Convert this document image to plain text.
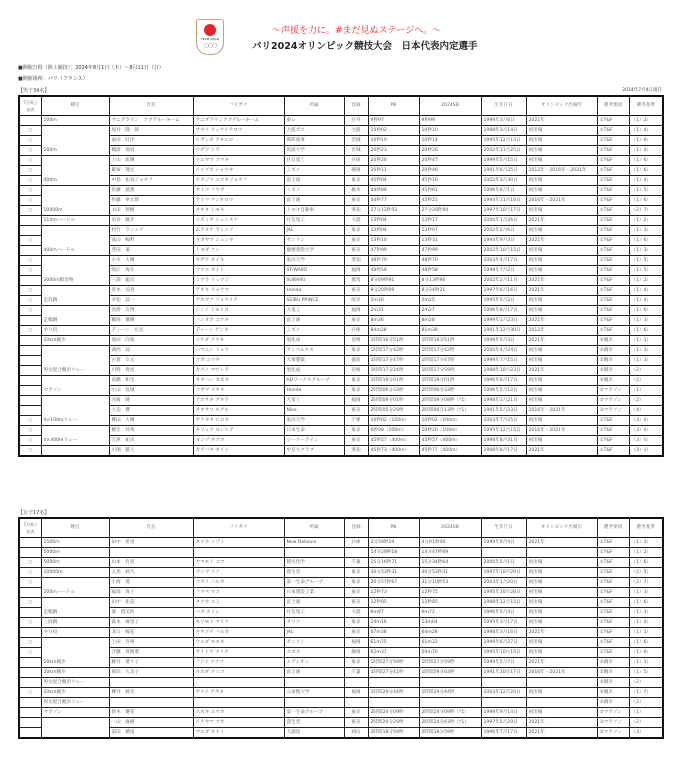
TEAM JAPAN
○○○
〜声援を力に。#まだ見ぬステージへ。〜
パリ2024オリンピック競技大会　日本代表内定選手
■開催日程（陸上競技）：2024年8月1日（木）〜8月11日（日）
■開催場所：パリ（フランス）
【男子34名】	2024年7月4日現在
7月4日発表	種目	氏名	フリガナ	所属	登録	PB	2024SB	生年月日	オリンピック出場年	選考要項	選考基準
	100m	サニブラウン　アブデルハキーム	サニブラウンアブデルハキーム	東レ	在外	9秒97	9秒99	1999年3月6日	2021年	①T&F	（1）2）
○		坂井　隆一郎	サカイ リュウイチロウ	大阪ガス	大阪	10秒02	10秒10	1998年3月14日	初出場	①T&F	（1）4）
○		東田　旺洋	ヒガシダ アキヒロ	関彰商事	茨城	10秒10	10秒14	1995年12月13日	初出場	①T&F	（1）6）
○	200m	鵜澤　飛羽	ウザワ トワ	筑波大学	宮城	20秒23	20秒26	2002年11月25日	初出場	①T&F	（1）4）
○		上山　紘輝	ウエヤマ コウキ	住友電工	兵庫	20秒26	20秒47	1999年5月15日	初出場	①T&F	（1）6）
○		飯塚　翔太	イイヅカ ショウタ	ミズノ	静岡	20秒11	20秒46	1991年6月25日	2012年・2016年・2021年	①T&F	（1）6）
○	400m	中島　佑気ジョセフ	ナカジマ ユウキジョセフ	富士通	東京	45秒04	45秒16	2002年3月30日	初出場	①T&F	（1）4）
○		佐藤　風雅	サトウ フウガ	ミズノ	栃木	44秒88	45秒61	1996年6月1日	初出場	①T&F	（1）5）
○		佐藤　拳太郎	サトウ ケンタロウ	富士通	東京	44秒77	45秒21	1994年11月16日	2016年・2021年	①T&F	（1）6）
○	10000m	太田　智樹	オオタ トモキ	トヨタ自動車	愛知	27分12秒53	27分20秒94	1997年10月17日	初出場	①T&F	（2）7）
	110mハードル	泉谷　駿介	イズミヤ シュンスケ	住友電工	大阪	13秒04	13秒17	2000年1月26日	2021年	①T&F	（1）2）
		村竹　ラシッド	ムラタケ ラシッド	JAL	東京	13秒04	13秒07	2002年2月6日	初出場	①T&F	（1）3）
○		高山　峻野	タカヤマ シュンヤ	ゼンリン	東京	13秒10	13秒31	1994年9月3日	2021年	①T&F	（1）6）
	400mハードル	豊田　兼	トヨダ ケン	慶應義塾大学	東京	47秒99	47秒99	2002年10月15日	初出場	①T&F	（1）3）
○		小川　大輝	オガワ ダイキ	東洋大学	愛知	48秒70	48秒70	2003年4月17日	初出場	①T&F	（1）5）
○		筒江　海斗	ツツエ カイト	ST-WAKO	福岡	48秒58	48秒58	1998年7月2日	初出場	①T&F	（1）5）
	3000m障害物	三浦　龍司	ミウラ リュウジ	SUBARU	群馬	8分09秒91	8分13秒96	2002年2月11日	2021年	①T&F	（1）2）
○		青木　涼真	アオキ リョウマ	Honda	東京	8分20秒09	8分24秒21	1997年6月16日	2021年	①T&F	（1）4）
○	走高跳	赤松　諒一	アカマツ リョウイチ	SEIBU PRINCE	岐阜	2m30	2m25	1995年5月2日	初出場	①T&F	（1）4）
○		真野　友博	シンノ トモヒロ	九電工	福岡	2m31	2m27	1996年8月17日	初出場	①T&F	（1）6）
	走幅跳	橋岡　優輝	ハシオカ ユウキ	富士通	東京	8m36	8m28	1999年1月23日	2021年	①T&F	（1）3）
○	やり投	ディーン　元気	ディーン ゲンキ	ミズノ	兵庫	84m28	81m38	1991年12月30日	2012年	①T&F	（1）6）
	20km競歩	池田　向希	イケダ コウキ	旭化成	宮崎	1時間16分51秒	1時間16分51秒	1998年5月3日	2021年	②競歩	（1）1）
		濱西　諒	ハマニシ リョウ	サンベルクス	東京	1時間17分42秒	1時間17分42秒	2000年4月24日	初出場	②競歩	（1）3）
		古賀　友太	コガ ユウタ	大塚製薬	徳島	1時間17分47秒	1時間17分47秒	1999年7月15日	初出場	②競歩	（1）3）
	男女混合競歩リレー	川野　将虎	カワノ マサトラ	旭化成	宮崎	1時間17分24秒	1時間17分59秒	1998年10月23日	2021年	②競歩	（2）
		高橋　和生	タカハシ カズキ	ADワークスグループ	東京	1時間19分01秒	1時間19分01秒	1996年6月17日	初出場	②競歩	（2）
	マラソン	小山　直城	コヤマ ナオキ	Honda	東京	2時間06分33秒	2時間06分33秒	1996年5月12日	初出場	③マラソン	（1）
		赤﨑　暁	アカサキ アキラ	九電工	福岡	2時間09分01秒	2時間09分08秒（*1）	1998年1月21日	初出場	③マラソン	（2）
		大迫　傑	オオサコ スグル	Nike	東京	2時間05分29秒	2時間06分13秒（*1）	1991年5月23日	2016年・2021年	③マラソン	（4）
○	4×100mリレー	柳田　大輝	ヤナギタ ヒロキ	東洋大学	宇連	10秒02（100m）	10秒02（100m）	2003年7月25日	初出場	①T&F	（3）ii）
○		桐生　祥秀	キリュウ ヨシヒデ	日本生命	東京	9秒98（100m）	10秒20（100m）	1995年12月15日	2016年・2021年	①T&F	（3）ii）
○	4×400mリレー	吉津　拓歩	ヨシヅ タクホ	ジーケーライン	東京	45秒57（400m）	45秒57（400m）	1998年8月31日	初出場	①T&F	（3）ii）
○		川端　魁人	カワバタ カイト	中京大クラブ	愛知	45秒73（400m）	45秒77（400m）	1998年8月17日	2021年	①T&F	（3）ii）
【女子17名】
7月4日発表	種目	氏名	フリガナ	所属	登録	PB	2024SB	生年月日	オリンピック出場年	選考要項	選考基準
	1500m	田中　希実	タナカ ノゾミ	New Balance	兵庫	3分59秒19	4分01秒44	1999年9月4日	2021年	①T&F	（1）3）
	5000m					14分29秒18	14分47秒69			①T&F	（1）2）
○	5000m	山本　有真	ヤマモト ユマ	積水化学	千葉	15分16秒71	15分34秒64	2000年5月1日	初出場	①T&F	（1）6）
○	10000m	五島　莉乃	ゴシマ リノ	資生堂	東京	30分53秒31	30分53秒31	1997年10月29日	初出場	①T&F	（2）5）
○		小海　遥	コカイ ハルカ	第一生命グループ	東京	30分57秒67	31分10秒53	2003年1月20日	初出場	①T&F	（2）7）
	100mハードル	福部　真子	フクベ マコ	日本建設工業	東京	12秒73	12秒75	1995年10月28日	初出場	①T&F	（1）3）
○		田中　佑美	タナカ ユミ	富士通	東京	12秒85	12秒85	1998年12月15日	初出場	①T&F	（1）6）
	走幅跳	秦　澄美鈴	ハタ スミレ	住友電工	大阪	6m97	6m72	1996年5月4日	初出場	①T&F	（1）3）
○	三段跳	森本　麻里子	モリモト マリコ	オリコ	東京	14m16	13m64	1995年3月17日	初出場	①T&F	（1）4）
	やり投	北口　榛花	キタグチ ハルカ	JAL	東京	67m38	64m28	1998年3月16日	2021年	①T&F	（1）1）
○		上田　百寧	ウエダ モモネ	ゼンリン	福岡	61m75	61m32	1999年6月27日	初出場	①T&F	（1）6）
○		斉藤　真理菜	サイトウ マリナ	スズキ	静岡	62m37	59m70	1995年10月15日	初出場	①T&F	（1）6）
	20km競歩	藤井　菜々子	フジイ ナナコ	エディオン	東京	1時間27分59秒	1時間27分59秒	1999年5月7日	2021年	②競歩	（1）1）
	20km競歩	岡田　久美子	オカダ クミコ	富士通	千葉	1時間27分41秒	1時間29分03秒	1991年10月17日	2016年・2021年	②競歩	（1）5）
	男女混合競歩リレー									②競歩	（2）
○	20km競歩	柳井　綾音	ヤナイ アヤネ	立命館大学	福岡	1時間29分44秒	1時間29分44秒	2003年12月24日	初出場	②競歩	（1）7）
	男女混合競歩リレー									②競歩	（2）
	マラソン	鈴木　優花	スズキ ユウカ	第一生命グループ	東京	2時間24分09秒	2時間24分09秒（*1）	1999年9月14日	初出場	③マラソン	（1）
		一山　麻緒	イチヤマ マオ	資生堂	東京	2時間20分29秒	2時間24分43秒（*1）	1997年5月29日	2021年	③マラソン	（2）
		前田　穂南	マエダ ホナミ	天満屋	岡山	2時間18分59秒	2時間18分59秒	1996年7月17日	2021年	③マラソン	（3）
